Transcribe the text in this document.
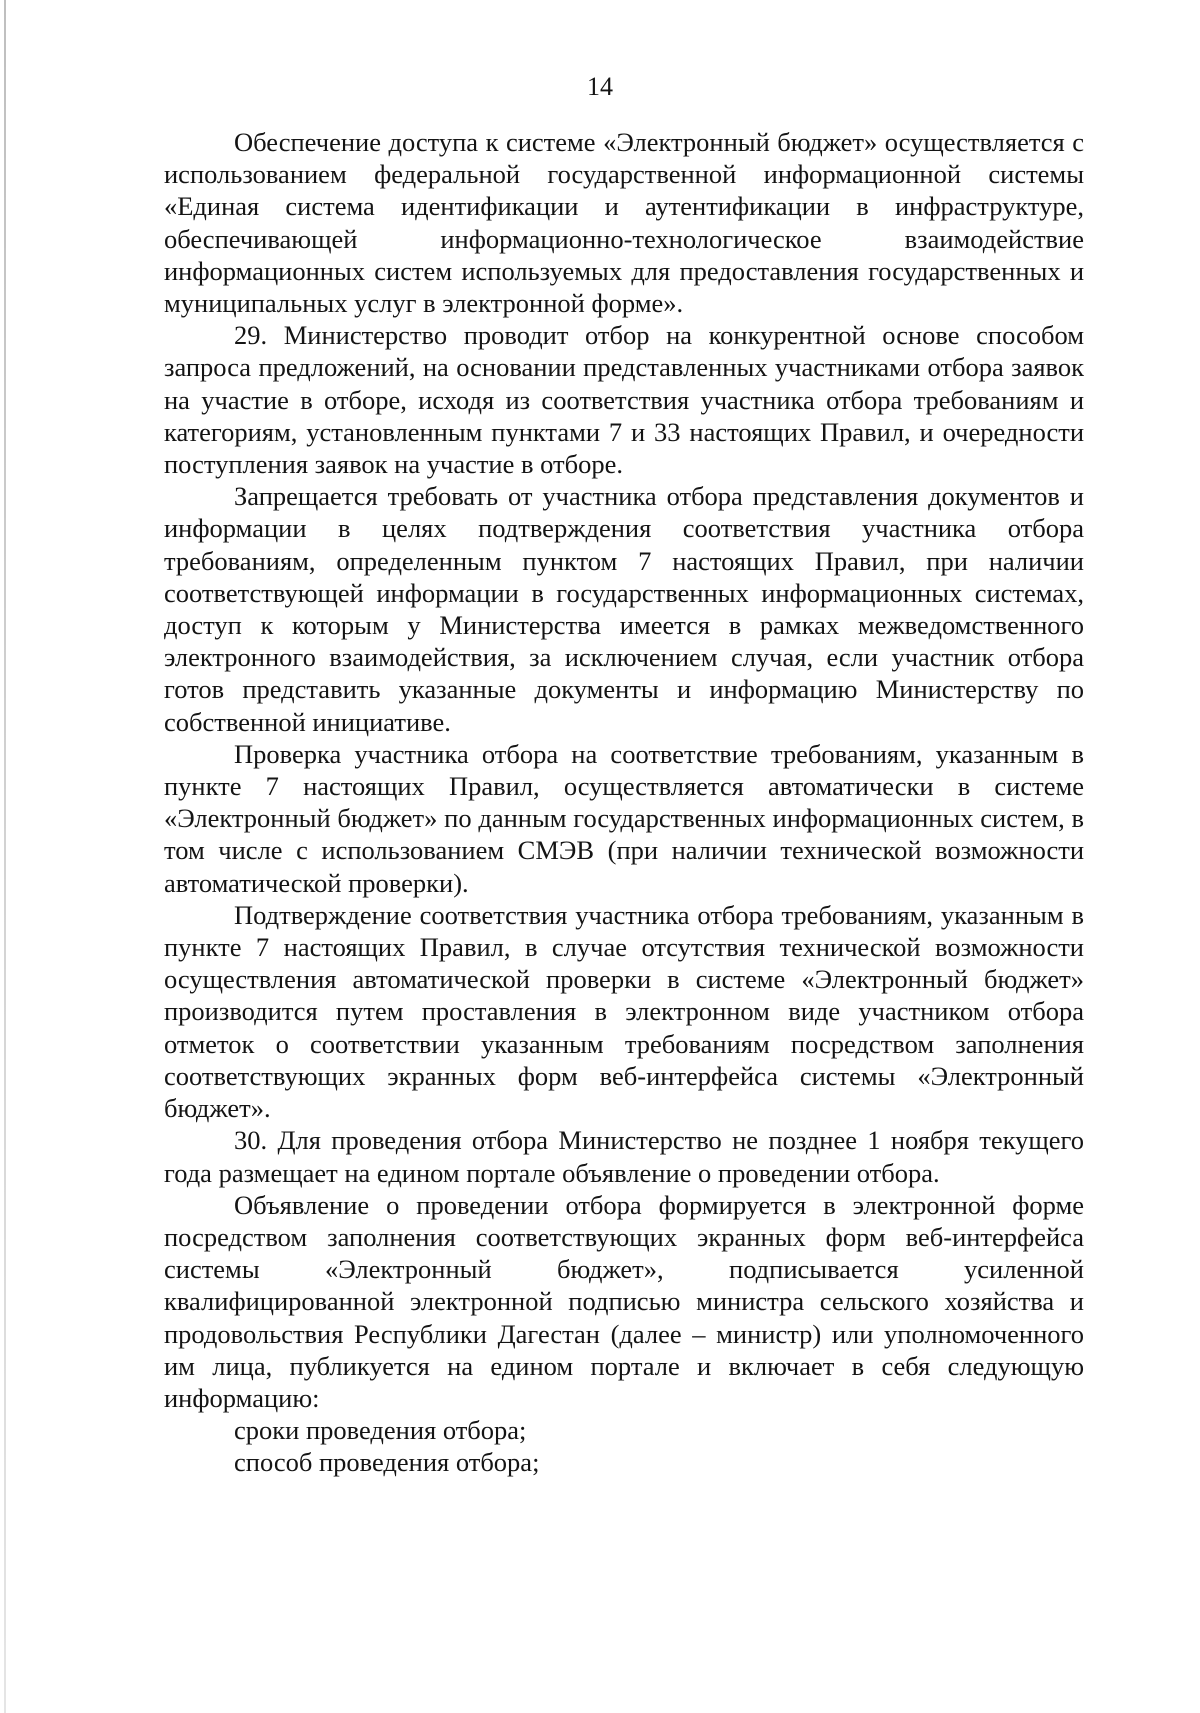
14

Обеспечение доступа к системе «Электронный бюджет» осуществляется с использованием федеральной государственной информационной системы «Единая система идентификации и аутентификации в инфраструктуре, обеспечивающей информационно-технологическое взаимодействие информационных систем используемых для предоставления государственных и муниципальных услуг в электронной форме».

29. Министерство проводит отбор на конкурентной основе способом запроса предложений, на основании представленных участниками отбора заявок на участие в отборе, исходя из соответствия участника отбора требованиям и категориям, установленным пунктами 7 и 33 настоящих Правил, и очередности поступления заявок на участие в отборе.

Запрещается требовать от участника отбора представления документов и информации в целях подтверждения соответствия участника отбора требованиям, определенным пунктом 7 настоящих Правил, при наличии соответствующей информации в государственных информационных системах, доступ к которым у Министерства имеется в рамках межведомственного электронного взаимодействия, за исключением случая, если участник отбора готов представить указанные документы и информацию Министерству по собственной инициативе.

Проверка участника отбора на соответствие требованиям, указанным в пункте 7 настоящих Правил, осуществляется автоматически в системе «Электронный бюджет» по данным государственных информационных систем, в том числе с использованием СМЭВ (при наличии технической возможности автоматической проверки).

Подтверждение соответствия участника отбора требованиям, указанным в пункте 7 настоящих Правил, в случае отсутствия технической возможности осуществления автоматической проверки в системе «Электронный бюджет» производится путем проставления в электронном виде участником отбора отметок о соответствии указанным требованиям посредством заполнения соответствующих экранных форм веб-интерфейса системы «Электронный бюджет».

30. Для проведения отбора Министерство не позднее 1 ноября текущего года размещает на едином портале объявление о проведении отбора.

Объявление о проведении отбора формируется в электронной форме посредством заполнения соответствующих экранных форм веб-интерфейса системы «Электронный бюджет», подписывается усиленной квалифицированной электронной подписью министра сельского хозяйства и продовольствия Республики Дагестан (далее – министр) или уполномоченного им лица, публикуется на едином портале и включает в себя следующую информацию:

сроки проведения отбора;

способ проведения отбора;
